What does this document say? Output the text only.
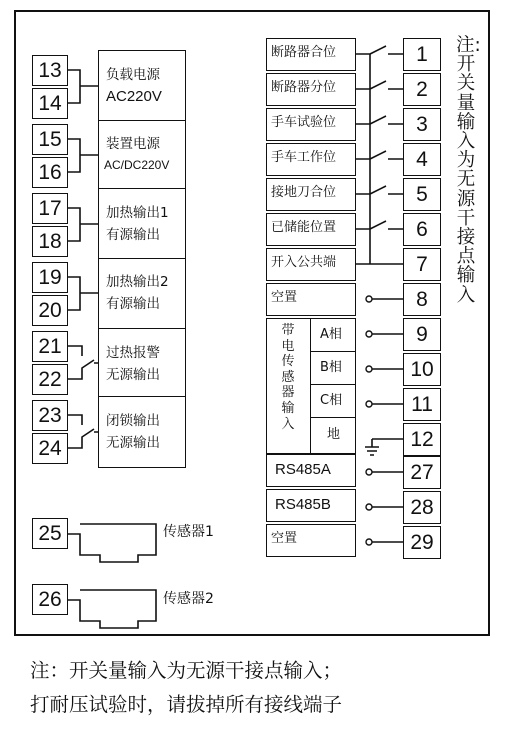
13
14
15
16
17
18
19
20
21
22
23
24
负载电源
AC220V
装置电源
AC/DC220V
加热输出1
有源输出
加热输出2
有源输出
过热报警
无源输出
闭锁输出
无源输出
25
26
传感器1
传感器2
断路器合位
断路器分位
手车试验位
手车工作位
接地刀合位
已储能位置
开入公共端
空置
带电传感器输入
A相
B相
C相
地
RS485A
RS485B
空置
1
2
3
4
5
6
7
8
9
10
11
12
27
28
29
注:开关量输入为无源干接点输入
注：开关量输入为无源干接点输入；
打耐压试验时，请拔掉所有接线端子
